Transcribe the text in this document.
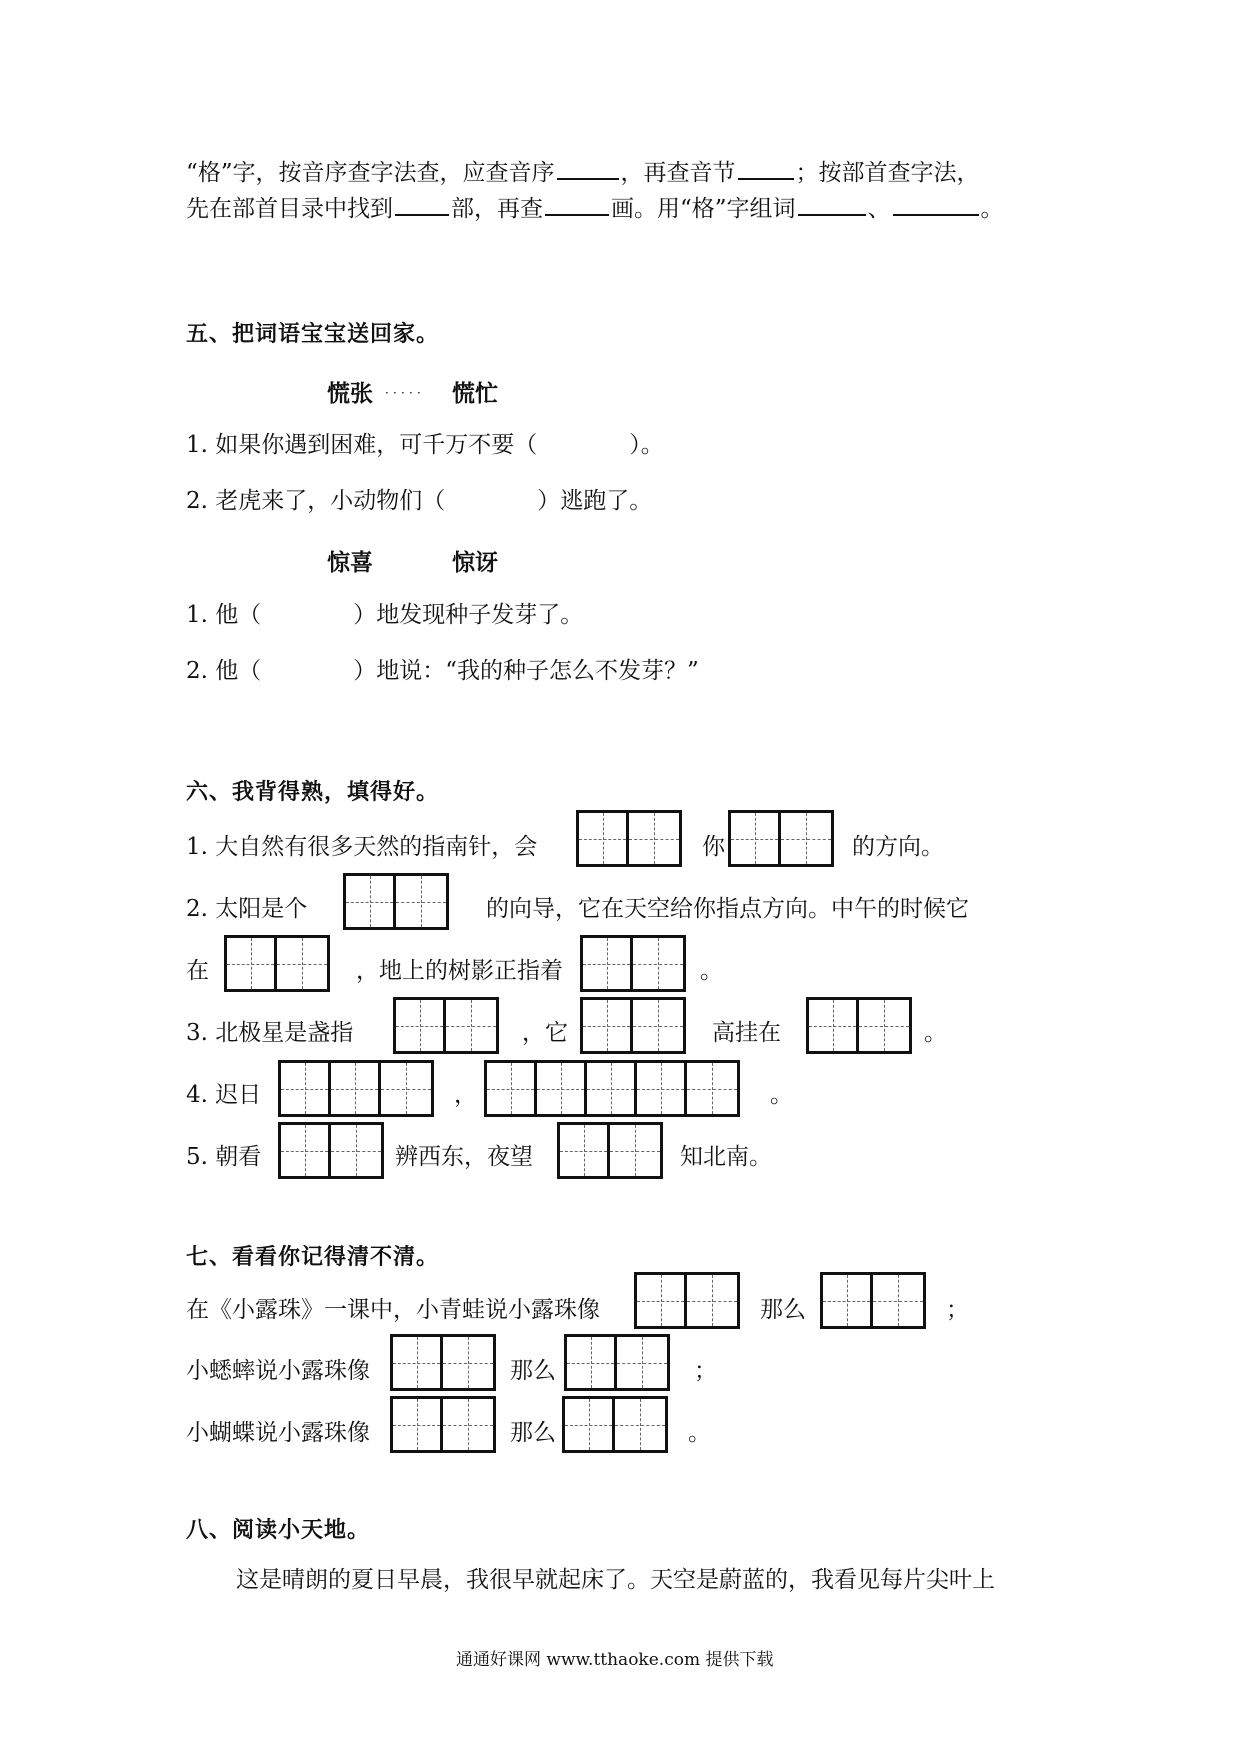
“格”字，按音序查字法查，应查音序	，再查音节	；按部首查字法，
先在部首目录中找到	部，再查	画。用“格”字组词	、	。
五、把词语宝宝送回家。
慌张 ．．．．． 慌忙
1. 如果你遇到困难，可千万不要（　　　　）。
2. 老虎来了，小动物们（　　　　）逃跑了。
惊喜	惊讶
1. 他（　　　　）地发现种子发芽了。
2. 他（　　　　）地说：“我的种子怎么不发芽？”
六、我背得熟，填得好。
1. 大自然有很多天然的指南针，会	你	的方向。
2. 太阳是个	的向导，它在天空给你指点方向。中午的时候它
在	，地上的树影正指着	。
3. 北极星是盏指	，它	高挂在	。
4. 迟日	，	。
5. 朝看	辨西东，夜望	知北南。
七、看看你记得清不清。
在《小露珠》一课中，小青蛙说小露珠像	那么	；
小蟋蟀说小露珠像	那么	；
小蝴蝶说小露珠像	那么	。
八、阅读小天地。
这是晴朗的夏日早晨，我很早就起床了。天空是蔚蓝的，我看见每片尖叶上
通通好课网 www.tthaoke.com 提供下载
